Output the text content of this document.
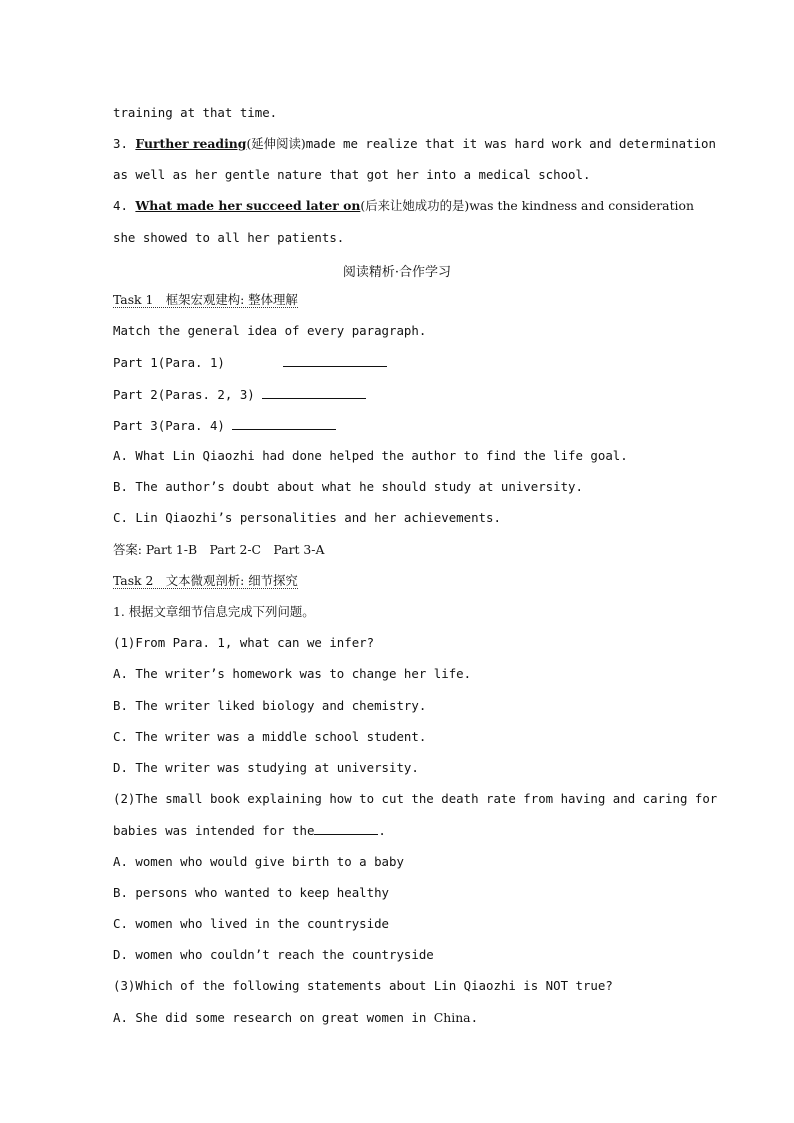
training at that time.
3. Further reading(延伸阅读)made me realize that it was hard work and determination
as well as her gentle nature that got her into a medical school.
4. What made her succeed later on(后来让她成功的是)was the kindness and consideration
she showed to all her patients.
阅读精析·合作学习
Task 1　框架宏观建构: 整体理解
Match the general idea of every paragraph.
Part 1(Para. 1)
Part 2(Paras. 2, 3)
Part 3(Para. 4)
A. What Lin Qiaozhi had done helped the author to find the life goal.
B. The author’s doubt about what he should study at university.
C. Lin Qiaozhi’s personalities and her achievements.
答案: Part 1-B　Part 2-C　Part 3-A
Task 2　文本微观剖析: 细节探究
1. 根据文章细节信息完成下列问题。
(1)From Para. 1, what can we infer?
A. The writer’s homework was to change her life.
B. The writer liked biology and chemistry.
C. The writer was a middle school student.
D. The writer was studying at university.
(2)The small book explaining how to cut the death rate from having and caring for
babies was intended for the	.
A. women who would give birth to a baby
B. persons who wanted to keep healthy
C. women who lived in the countryside
D. women who couldn’t reach the countryside
(3)Which of the following statements about Lin Qiaozhi is NOT true?
A. She did some research on great women in China.
